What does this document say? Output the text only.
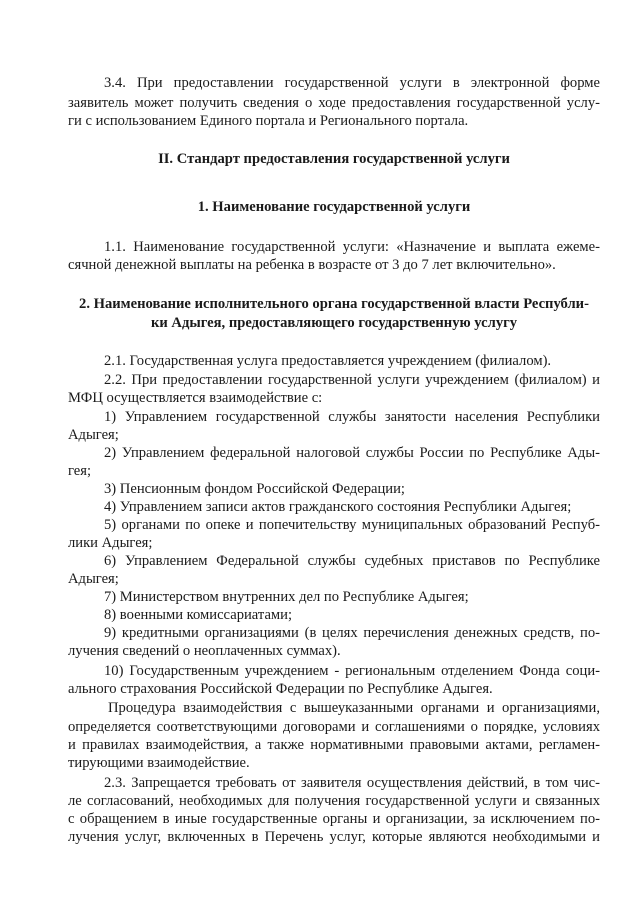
3.4. При предоставлении государственной услуги в электронной форме
заявитель может получить сведения о ходе предоставления государственной услу-
ги с использованием Единого портала и Регионального портала.
II. Стандарт предоставления государственной услуги
1. Наименование государственной услуги
1.1. Наименование государственной услуги: «Назначение и выплата ежеме-
сячной денежной выплаты на ребенка в возрасте от 3 до 7 лет включительно».
2. Наименование исполнительного органа государственной власти Республи-
ки Адыгея, предоставляющего государственную услугу
2.1. Государственная услуга предоставляется учреждением (филиалом).
2.2. При предоставлении государственной услуги учреждением (филиалом) и
МФЦ осуществляется взаимодействие с:
1) Управлением государственной службы занятости населения Республики
Адыгея;
2) Управлением федеральной налоговой службы России по Республике Ады-
гея;
3) Пенсионным фондом Российской Федерации;
4) Управлением записи актов гражданского состояния Республики Адыгея;
5) органами по опеке и попечительству муниципальных образований Респуб-
лики Адыгея;
6) Управлением Федеральной службы судебных приставов по Республике
Адыгея;
7) Министерством внутренних дел по Республике Адыгея;
8) военными комиссариатами;
9) кредитными организациями (в целях перечисления денежных средств, по-
лучения сведений о неоплаченных суммах).
10) Государственным учреждением - региональным отделением Фонда соци-
ального страхования Российской Федерации по Республике Адыгея.
Процедура взаимодействия с вышеуказанными органами и организациями,
определяется соответствующими договорами и соглашениями о порядке, условиях
и правилах взаимодействия, а также нормативными правовыми актами, регламен-
тирующими взаимодействие.
2.3. Запрещается требовать от заявителя осуществления действий, в том чис-
ле согласований, необходимых для получения государственной услуги и связанных
с обращением в иные государственные органы и организации, за исключением по-
лучения услуг, включенных в Перечень услуг, которые являются необходимыми и
